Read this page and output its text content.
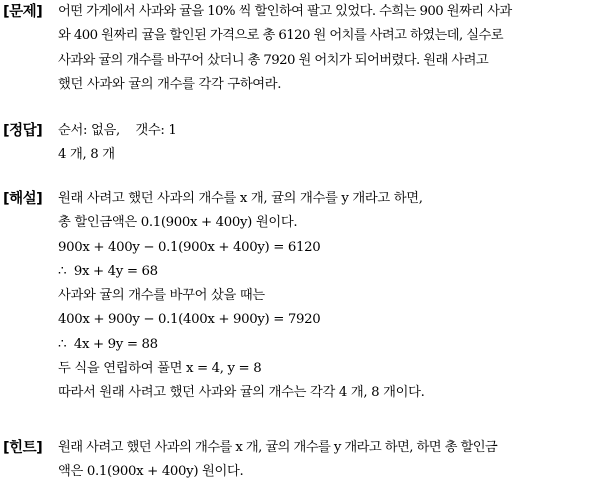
[문제] 어떤 가게에서 사과와 귤을 10% 씩 할인하여 팔고 있었다. 수희는 900 원짜리 사과
와 400 원짜리 귤을 할인된 가격으로 총 6120 원 어치를 사려고 하였는데, 실수로
사과와 귤의 개수를 바꾸어 샀더니 총 7920 원 어치가 되어버렸다. 원래 사려고
했던 사과와 귤의 개수를 각각 구하여라.
[정답] 순서: 없음,    갯수: 1
4 개, 8 개
[해설] 원래 사려고 했던 사과의 개수를 x 개, 귤의 개수를 y 개라고 하면,
총 할인금액은 0.1(900x + 400y) 원이다.
900x + 400y − 0.1(900x + 400y) = 6120
∴  9x + 4y = 68
사과와 귤의 개수를 바꾸어 샀을 때는
400x + 900y − 0.1(400x + 900y) = 7920
∴  4x + 9y = 88
두 식을 연립하여 풀면 x = 4, y = 8
따라서 원래 사려고 했던 사과와 귤의 개수는 각각 4 개, 8 개이다.
[힌트] 원래 사려고 했던 사과의 개수를 x 개, 귤의 개수를 y 개라고 하면, 하면 총 할인금
액은 0.1(900x + 400y) 원이다.
